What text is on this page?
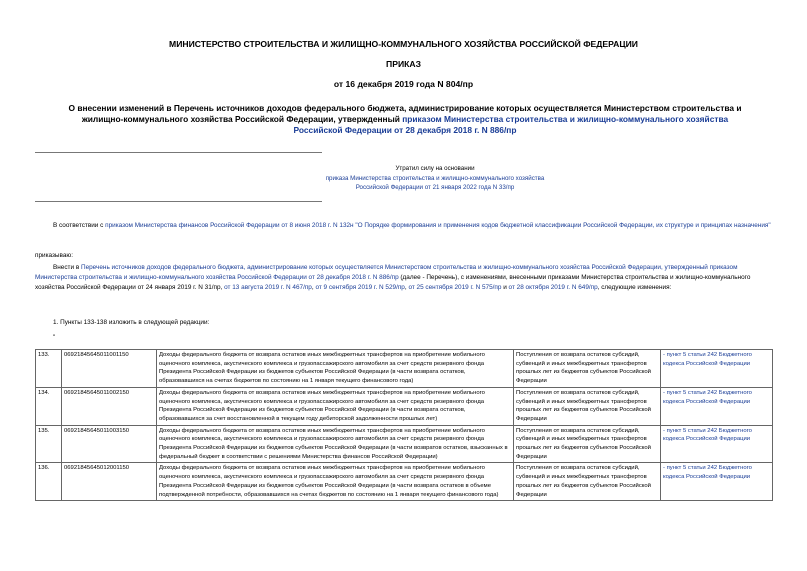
МИНИСТЕРСТВО СТРОИТЕЛЬСТВА И ЖИЛИЩНО-КОММУНАЛЬНОГО ХОЗЯЙСТВА РОССИЙСКОЙ ФЕДЕРАЦИИ
ПРИКАЗ
от 16 декабря 2019 года N 804/пр
О внесении изменений в Перечень источников доходов федерального бюджета, администрирование которых осуществляется Министерством строительства и жилищно-коммунального хозяйства Российской Федерации, утвержденный приказом Министерства строительства и жилищно-коммунального хозяйства Российской Федерации от 28 декабря 2018 г. N 886/пр
Утратил силу на основании
приказа Министерства строительства и жилищно-коммунального хозяйства
Российской Федерации от 21 января 2022 года N 33/пр
В соответствии с приказом Министерства финансов Российской Федерации от 8 июня 2018 г. N 132н "О Порядке формирования и применения кодов бюджетной классификации Российской Федерации, их структуре и принципах назначения"
приказываю:
Внести в Перечень источников доходов федерального бюджета, администрирование которых осуществляется Министерством строительства и жилищно-коммунального хозяйства Российской Федерации, утвержденный приказом Министерства строительства и жилищно-коммунального хозяйства Российской Федерации от 28 декабря 2018 г. N 886/пр (далее - Перечень), с изменениями, внесенными приказами Министерства строительства и жилищно-коммунального хозяйства Российской Федерации от 24 января 2019 г. N 31/пр, от 13 августа 2019 г. N 467/пр, от 9 сентября 2019 г. N 529/пр, от 25 сентября 2019 г. N 575/пр и от 28 октября 2019 г. N 649/пр, следующие изменения:
1. Пункты 133-138 изложить в следующей редакции:
"
133.	06921845645011001150	Доходы федерального бюджета от возврата остатков иных межбюджетных трансфертов на приобретение мобильного оценочного комплекса, акустического комплекса и грузопассажирского автомобиля за счет средств резервного фонда Президента Российской Федерации из бюджетов субъектов Российской Федерации (в части возврата остатков, образовавшихся на счетах бюджетов по состоянию на 1 января текущего финансового года)	Поступления от возврата остатков субсидий, субвенций и иных межбюджетных трансфертов прошлых лет из бюджетов субъектов Российской Федерации	- пункт 5 статьи 242 Бюджетного кодекса Российской Федерации
134.	06921845645011002150	Доходы федерального бюджета от возврата остатков иных межбюджетных трансфертов на приобретение мобильного оценочного комплекса, акустического комплекса и грузопассажирского автомобиля за счет средств резервного фонда Президента Российской Федерации из бюджетов субъектов Российской Федерации (в части возврата остатков, образовавшихся за счет восстановленной в текущем году дебиторской задолженности прошлых лет)	Поступления от возврата остатков субсидий, субвенций и иных межбюджетных трансфертов прошлых лет из бюджетов субъектов Российской Федерации	- пункт 5 статьи 242 Бюджетного кодекса Российской Федерации
135.	06921845645011003150	Доходы федерального бюджета от возврата остатков иных межбюджетных трансфертов на приобретение мобильного оценочного комплекса, акустического комплекса и грузопассажирского автомобиля за счет средств резервного фонда Президента Российской Федерации из бюджетов субъектов Российской Федерации (в части возвратов остатков, взысканных в федеральный бюджет в соответствии с решениями Министерства финансов Российской Федерации)	Поступления от возврата остатков субсидий, субвенций и иных межбюджетных трансфертов прошлых лет из бюджетов субъектов Российской Федерации	- пункт 5 статьи 242 Бюджетного кодекса Российской Федерации
136.	06921845645012001150	Доходы федерального бюджета от возврата остатков иных межбюджетных трансфертов на приобретение мобильного оценочного комплекса, акустического комплекса и грузопассажирского автомобиля за счет средств резервного фонда Президента Российской Федерации из бюджетов субъектов Российской Федерации (в части возврата остатков в объеме подтвержденной потребности, образовавшихся на счетах бюджетов по состоянию на 1 января текущего финансового года)	Поступления от возврата остатков субсидий, субвенций и иных межбюджетных трансфертов прошлых лет из бюджетов субъектов Российской Федерации	- пункт 5 статьи 242 Бюджетного кодекса Российской Федерации
